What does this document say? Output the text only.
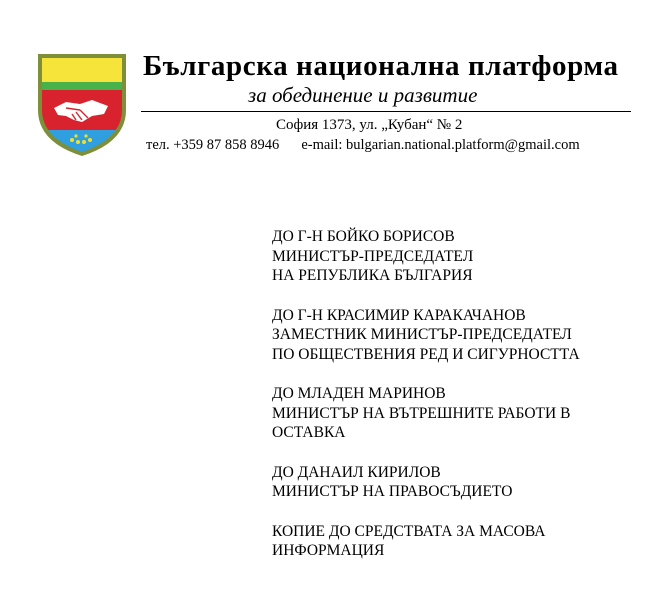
Българска национална платформа
за обединение и развитие
София 1373, ул. „Кубан“ № 2
тел. +359 87 858 8946 e-mail: bulgarian.national.platform@gmail.com
ДО Г-Н БОЙКО БОРИСОВ
МИНИСТЪР-ПРЕДСЕДАТЕЛ
НА РЕПУБЛИКА БЪЛГАРИЯ
ДО Г-Н КРАСИМИР КАРАКАЧАНОВ
ЗАМЕСТНИК МИНИСТЪР-ПРЕДСЕДАТЕЛ
ПО ОБЩЕСТВЕНИЯ РЕД И СИГУРНОСТТА
ДО МЛАДЕН МАРИНОВ
МИНИСТЪР НА ВЪТРЕШНИТЕ РАБОТИ В
ОСТАВКА
ДО ДАНАИЛ КИРИЛОВ
МИНИСТЪР НА ПРАВОСЪДИЕТО
КОПИЕ ДО СРЕДСТВАТА ЗА МАСОВА
ИНФОРМАЦИЯ
